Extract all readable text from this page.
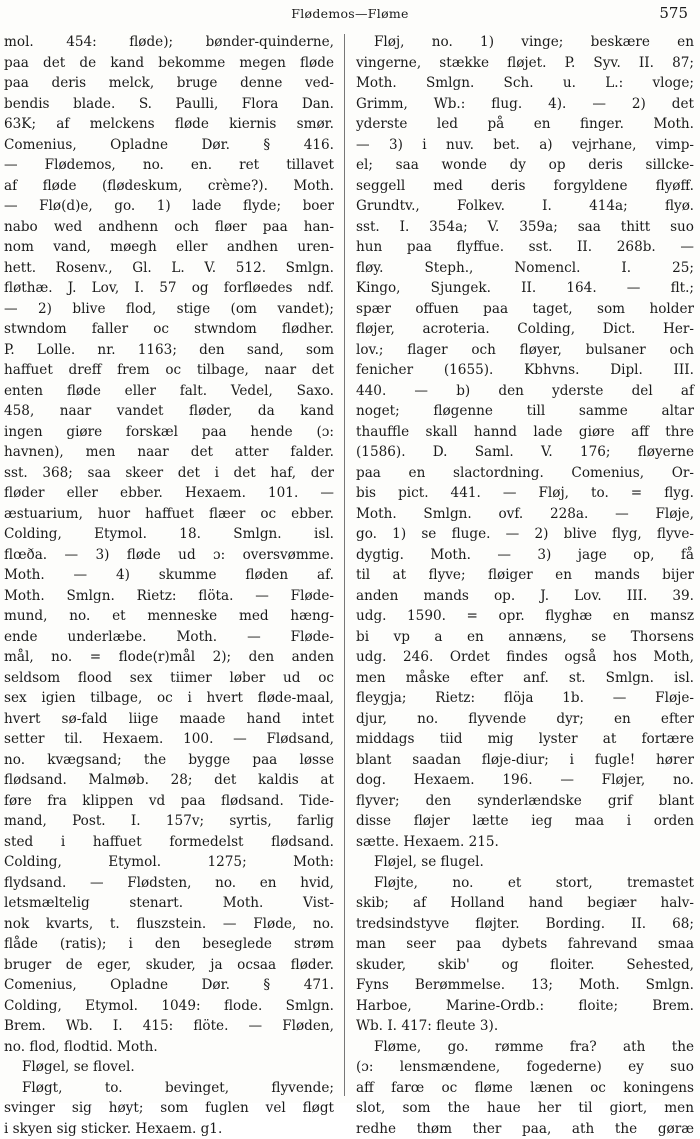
Flødemos—Fløme	575
mol. 454: fløde); bønder-quinderne,
paa det de kand bekomme megen fløde
paa deris melck, bruge denne ved-
bendis blade. S. Paulli, Flora Dan.
63K; af melckens fløde kiernis smør.
Comenius, Opladne Dør. § 416.
— Flødemos, no. en. ret tillavet
af fløde (flødeskum, crème?). Moth.
— Flø(d)e, go. 1) lade flyde; boer
nabo wed andhenn och fløer paa han-
nom vand, møegh eller andhen uren-
hett. Rosenv., Gl. L. V. 512. Smlgn.
fløthæ. J. Lov, I. 57 og forfløedes ndf.
— 2) blive flod, stige (om vandet);
stwndom faller oc stwndom flødher.
P. Lolle. nr. 1163; den sand, som
haffuet dreff frem oc tilbage, naar det
enten fløde eller falt. Vedel, Saxo.
458, naar vandet fløder, da kand
ingen giøre forskæl paa hende (ɔ:
havnen), men naar det atter falder.
sst. 368; saa skeer det i det haf, der
fløder eller ebber. Hexaem. 101. —
æstuarium, huor haffuet flæer oc ebber.
Colding, Etymol. 18. Smlgn. isl.
flœða. — 3) fløde ud ɔ: oversvømme.
Moth. — 4) skumme fløden af.
Moth. Smlgn. Rietz: flöta. — Fløde-
mund, no. et menneske med hæng-
ende underlæbe. Moth. — Fløde-
mål, no. = flode(r)mål 2); den anden
seldsom flood sex tiimer løber ud oc
sex igien tilbage, oc i hvert fløde-maal,
hvert sø-fald liige maade hand intet
setter til. Hexaem. 100. — Flødsand,
no. kvægsand; the bygge paa løsse
flødsand. Malmøb. 28; det kaldis at
føre fra klippen vd paa flødsand. Tide-
mand, Post. I. 157v; syrtis, farlig
sted i haffuet formedelst flødsand.
Colding, Etymol. 1275; Moth:
flydsand. — Flødsten, no. en hvid,
letsmæltelig stenart. Moth. Vist-
nok kvarts, t. fluszstein. — Fløde, no.
flåde (ratis); i den beseglede strøm
bruger de eger, skuder, ja ocsaa fløder.
Comenius, Opladne Dør. § 471.
Colding, Etymol. 1049: flode. Smlgn.
Brem. Wb. I. 415: flöte. — Fløden,
no. flod, flodtid. Moth.
Fløgel, se flovel.
Fløgt, to. bevinget, flyvende;
svinger sig høyt; som fuglen vel fløgt
i skyen sig sticker. Hexaem. g1.
Fløj, no. 1) vinge; beskære en
vingerne, stække fløjet. P. Syv. II. 87;
Moth. Smlgn. Sch. u. L.: vloge;
Grimm, Wb.: flug. 4). — 2) det
yderste led på en finger. Moth.
— 3) i nuv. bet. a) vejrhane, vimp-
el; saa wonde dy op deris sillcke-
seggell med deris forgyldene flyøff.
Grundtv., Folkev. I. 414a; flyø.
sst. I. 354a; V. 359a; saa thitt suo
hun paa flyffue. sst. II. 268b. —
fløy. Steph., Nomencl. I. 25;
Kingo, Sjungek. II. 164. — flt.;
spær offuen paa taget, som holder
fløjer, acroteria. Colding, Dict. Her-
lov.; flager och fløyer, bulsaner och
fenicher (1655). Kbhvns. Dipl. III.
440. — b) den yderste del af
noget; fløgenne till samme altar
thauffle skall hannd lade giøre aff thre
(1586). D. Saml. V. 176; fløyerne
paa en slactordning. Comenius, Or-
bis pict. 441. — Fløj, to. = flyg.
Moth. Smlgn. ovf. 228a. — Fløje,
go. 1) se fluge. — 2) blive flyg, flyve-
dygtig. Moth. — 3) jage op, få
til at flyve; fløiger en mands bijer
anden mands op. J. Lov. III. 39.
udg. 1590. = opr. flyghæ en mansz
bi vp a en annæns, se Thorsens
udg. 246. Ordet findes også hos Moth,
men måske efter anf. st. Smlgn. isl.
fleygja; Rietz: flöja 1b. — Fløje-
djur, no. flyvende dyr; en efter
middags tiid mig lyster at fortære
blant saadan fløje-diur; i fugle! hører
dog. Hexaem. 196. — Fløjer, no.
flyver; den synderlændske grif blant
disse fløjer lætte ieg maa i orden
sætte. Hexaem. 215.
Fløjel, se flugel.
Fløjte, no. et stort, tremastet
skib; af Holland hand begiær halv-
tredsindstyve fløjter. Bording. II. 68;
man seer paa dybets fahrevand smaa
skuder, skib' og floiter. Sehested,
Fyns Berømmelse. 13; Moth. Smlgn.
Harboe, Marine-Ordb.: floite; Brem.
Wb. I. 417: fleute 3).
Fløme, go. rømme fra? ath the
(ɔ: lensmændene, fogederne) ey suo
aff farœ oc fløme lænen oc koningens
slot, som the haue her til giort, men
redhe thøm ther paa, ath the gøræ
